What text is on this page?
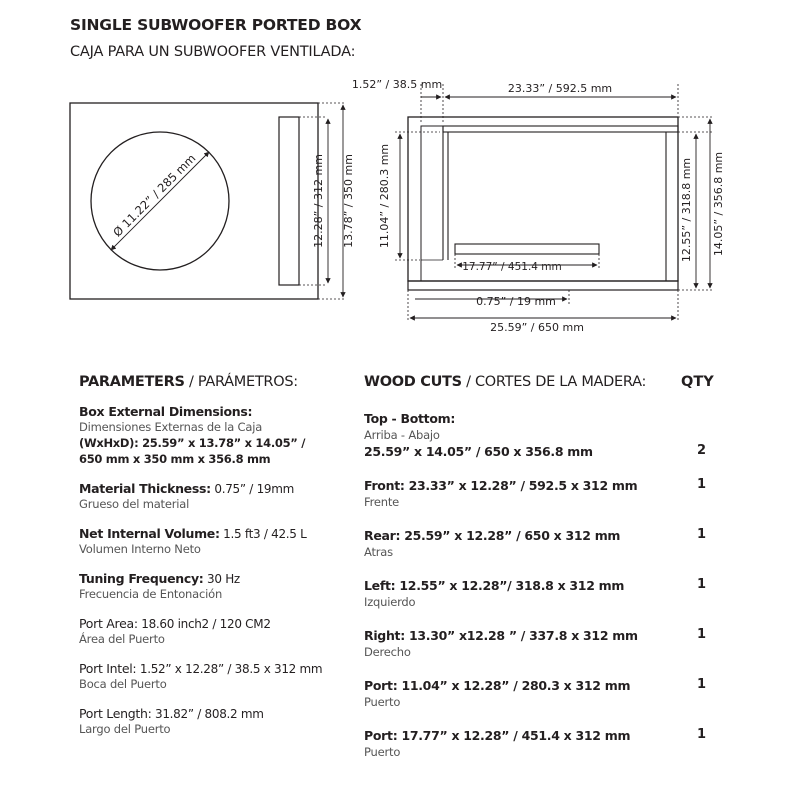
SINGLE SUBWOOFER PORTED BOX
CAJA PARA UN SUBWOOFER VENTILADA:
Ø 11.22” / 285 mm	12.28” / 312 mm 13.78” / 350 mm
1.52” / 38.5 mm	23.33” / 592.5 mm
11.04” / 280.3 mm
17.77” / 451.4 mm
0.75” / 19 mm
25.59” / 650 mm
12.55” / 318.8 mm 14.05” / 356.8 mm
PARAMETERS / PARÁMETROS:
Box External Dimensions:
Dimensiones Externas de la Caja
(WxHxD): 25.59” x 13.78” x 14.05” /
650 mm x 350 mm x 356.8 mm
Material Thickness: 0.75” / 19mm
Grueso del material
Net Internal Volume: 1.5 ft3 / 42.5 L
Volumen Interno Neto
Tuning Frequency: 30 Hz
Frecuencia de Entonación
Port Area: 18.60 inch2 / 120 CM2
Área del Puerto
Port Intel: 1.52” x 12.28” / 38.5 x 312 mm
Boca del Puerto
Port Length: 31.82” / 808.2 mm
Largo del Puerto
WOOD CUTS / CORTES DE LA MADERA:	QTY
Top - Bottom:
Arriba - Abajo
25.59” x 14.05” / 650 x 356.8 mm	2
Front: 23.33” x 12.28” / 592.5 x 312 mm
Frente
1
Rear: 25.59” x 12.28” / 650 x 312 mm
Atras
1
Left: 12.55” x 12.28”/ 318.8 x 312 mm
Izquierdo
1
Right: 13.30” x12.28 ” / 337.8 x 312 mm
Derecho
1
Port: 11.04” x 12.28” / 280.3 x 312 mm
Puerto
1
Port: 17.77” x 12.28” / 451.4 x 312 mm
Puerto
1
